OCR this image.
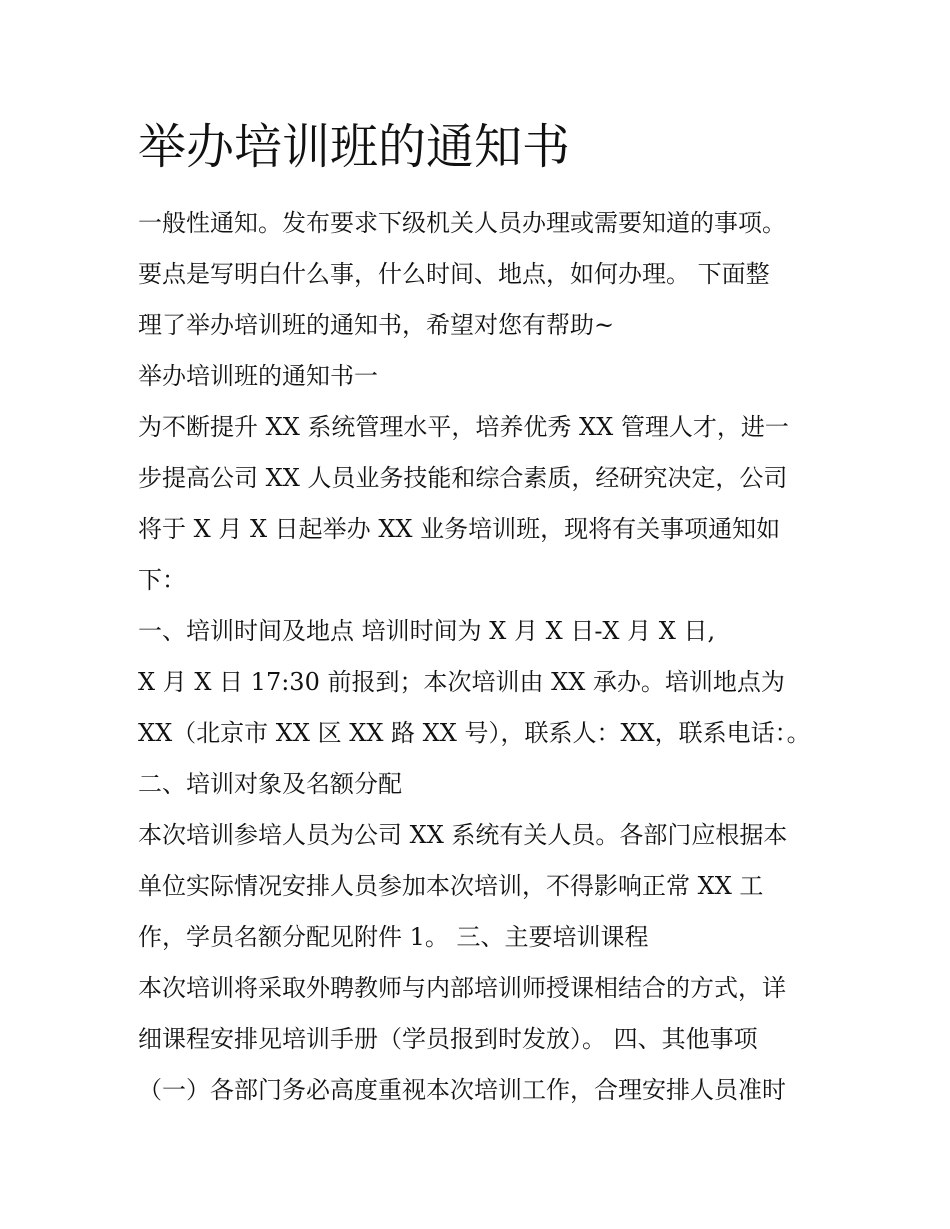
举办培训班的通知书

一般性通知。发布要求下级机关人员办理或需要知道的事项。

要点是写明白什么事，什么时间、地点，如何办理。 下面整

理了举办培训班的通知书，希望对您有帮助~

举办培训班的通知书一

为不断提升 XX 系统管理水平，培养优秀 XX 管理人才，进一

步提高公司 XX 人员业务技能和综合素质，经研究决定，公司

将于 X 月 X 日起举办 XX 业务培训班，现将有关事项通知如

下：

一、培训时间及地点 培训时间为 X 月 X 日-X 月 X 日,

X 月 X 日 17:30 前报到；本次培训由 XX 承办。培训地点为

XX（北京市 XX 区 XX 路 XX 号），联系人：XX，联系电话：。

二、培训对象及名额分配

本次培训参培人员为公司 XX 系统有关人员。各部门应根据本

单位实际情况安排人员参加本次培训，不得影响正常 XX 工

作，学员名额分配见附件 1。 三、主要培训课程

本次培训将采取外聘教师与内部培训师授课相结合的方式，详

细课程安排见培训手册（学员报到时发放）。 四、其他事项

（一）各部门务必高度重视本次培训工作，合理安排人员准时
